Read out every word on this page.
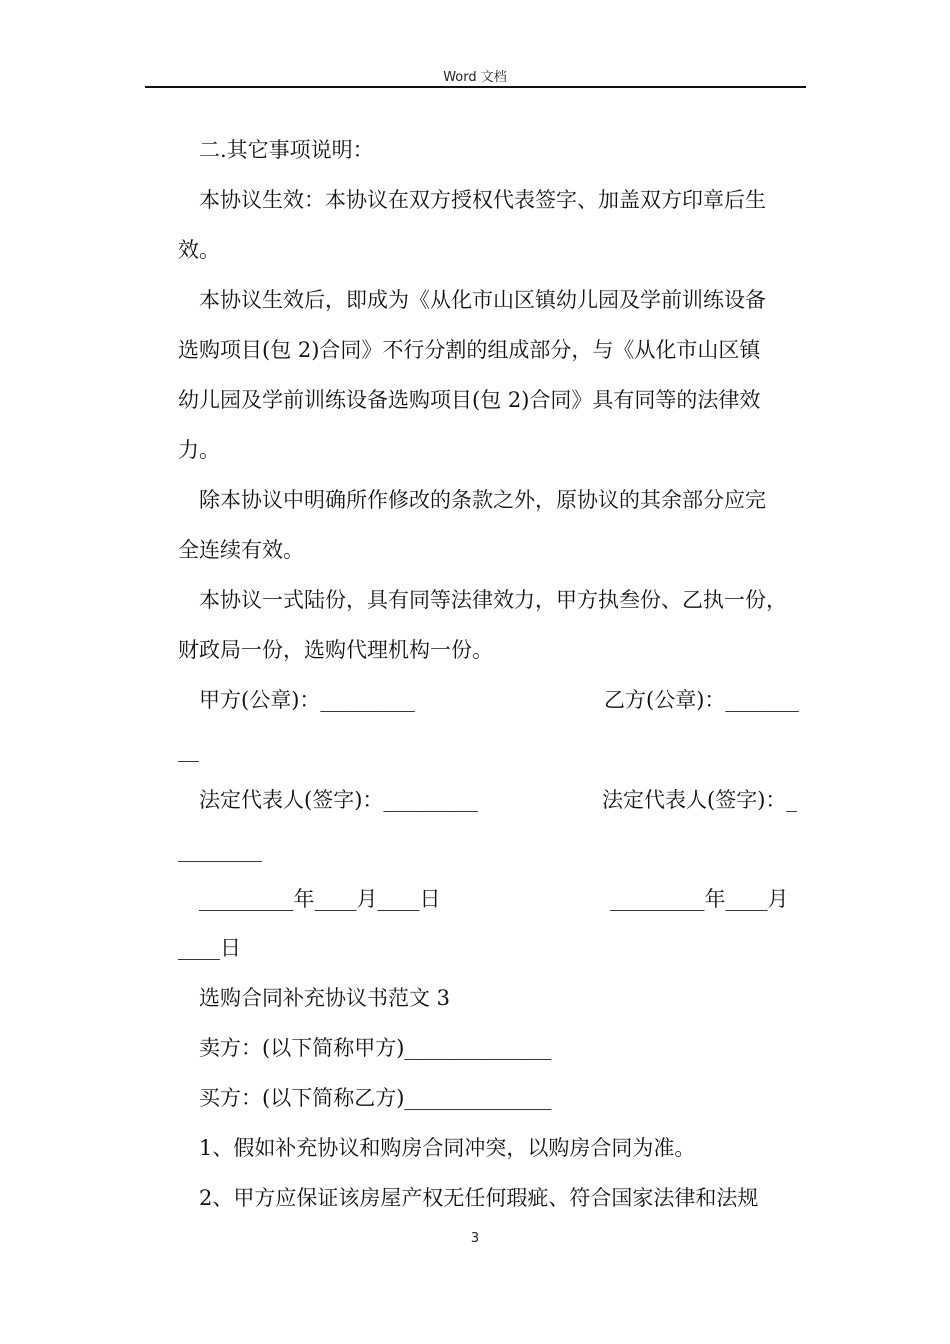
Word 文档
二.其它事项说明：
本协议生效：本协议在双方授权代表签字、加盖双方印章后生
效。
本协议生效后，即成为《从化市山区镇幼儿园及学前训练设备
选购项目(包 2)合同》不行分割的组成部分，与《从化市山区镇
幼儿园及学前训练设备选购项目(包 2)合同》具有同等的法律效
力。
除本协议中明确所作修改的条款之外，原协议的其余部分应完
全连续有效。
本协议一式陆份，具有同等法律效力，甲方执叁份、乙执一份，
财政局一份，选购代理机构一份。
甲方(公章)：_________	乙方(公章)：_______
__
法定代表人(签字)：_________	法定代表人(签字)：_
________
_________年____月____日	_________年____月
____日
选购合同补充协议书范文 3
卖方：(以下简称甲方)______________
买方：(以下简称乙方)______________
1、假如补充协议和购房合同冲突，以购房合同为准。
2、甲方应保证该房屋产权无任何瑕疵、符合国家法律和法规
3
